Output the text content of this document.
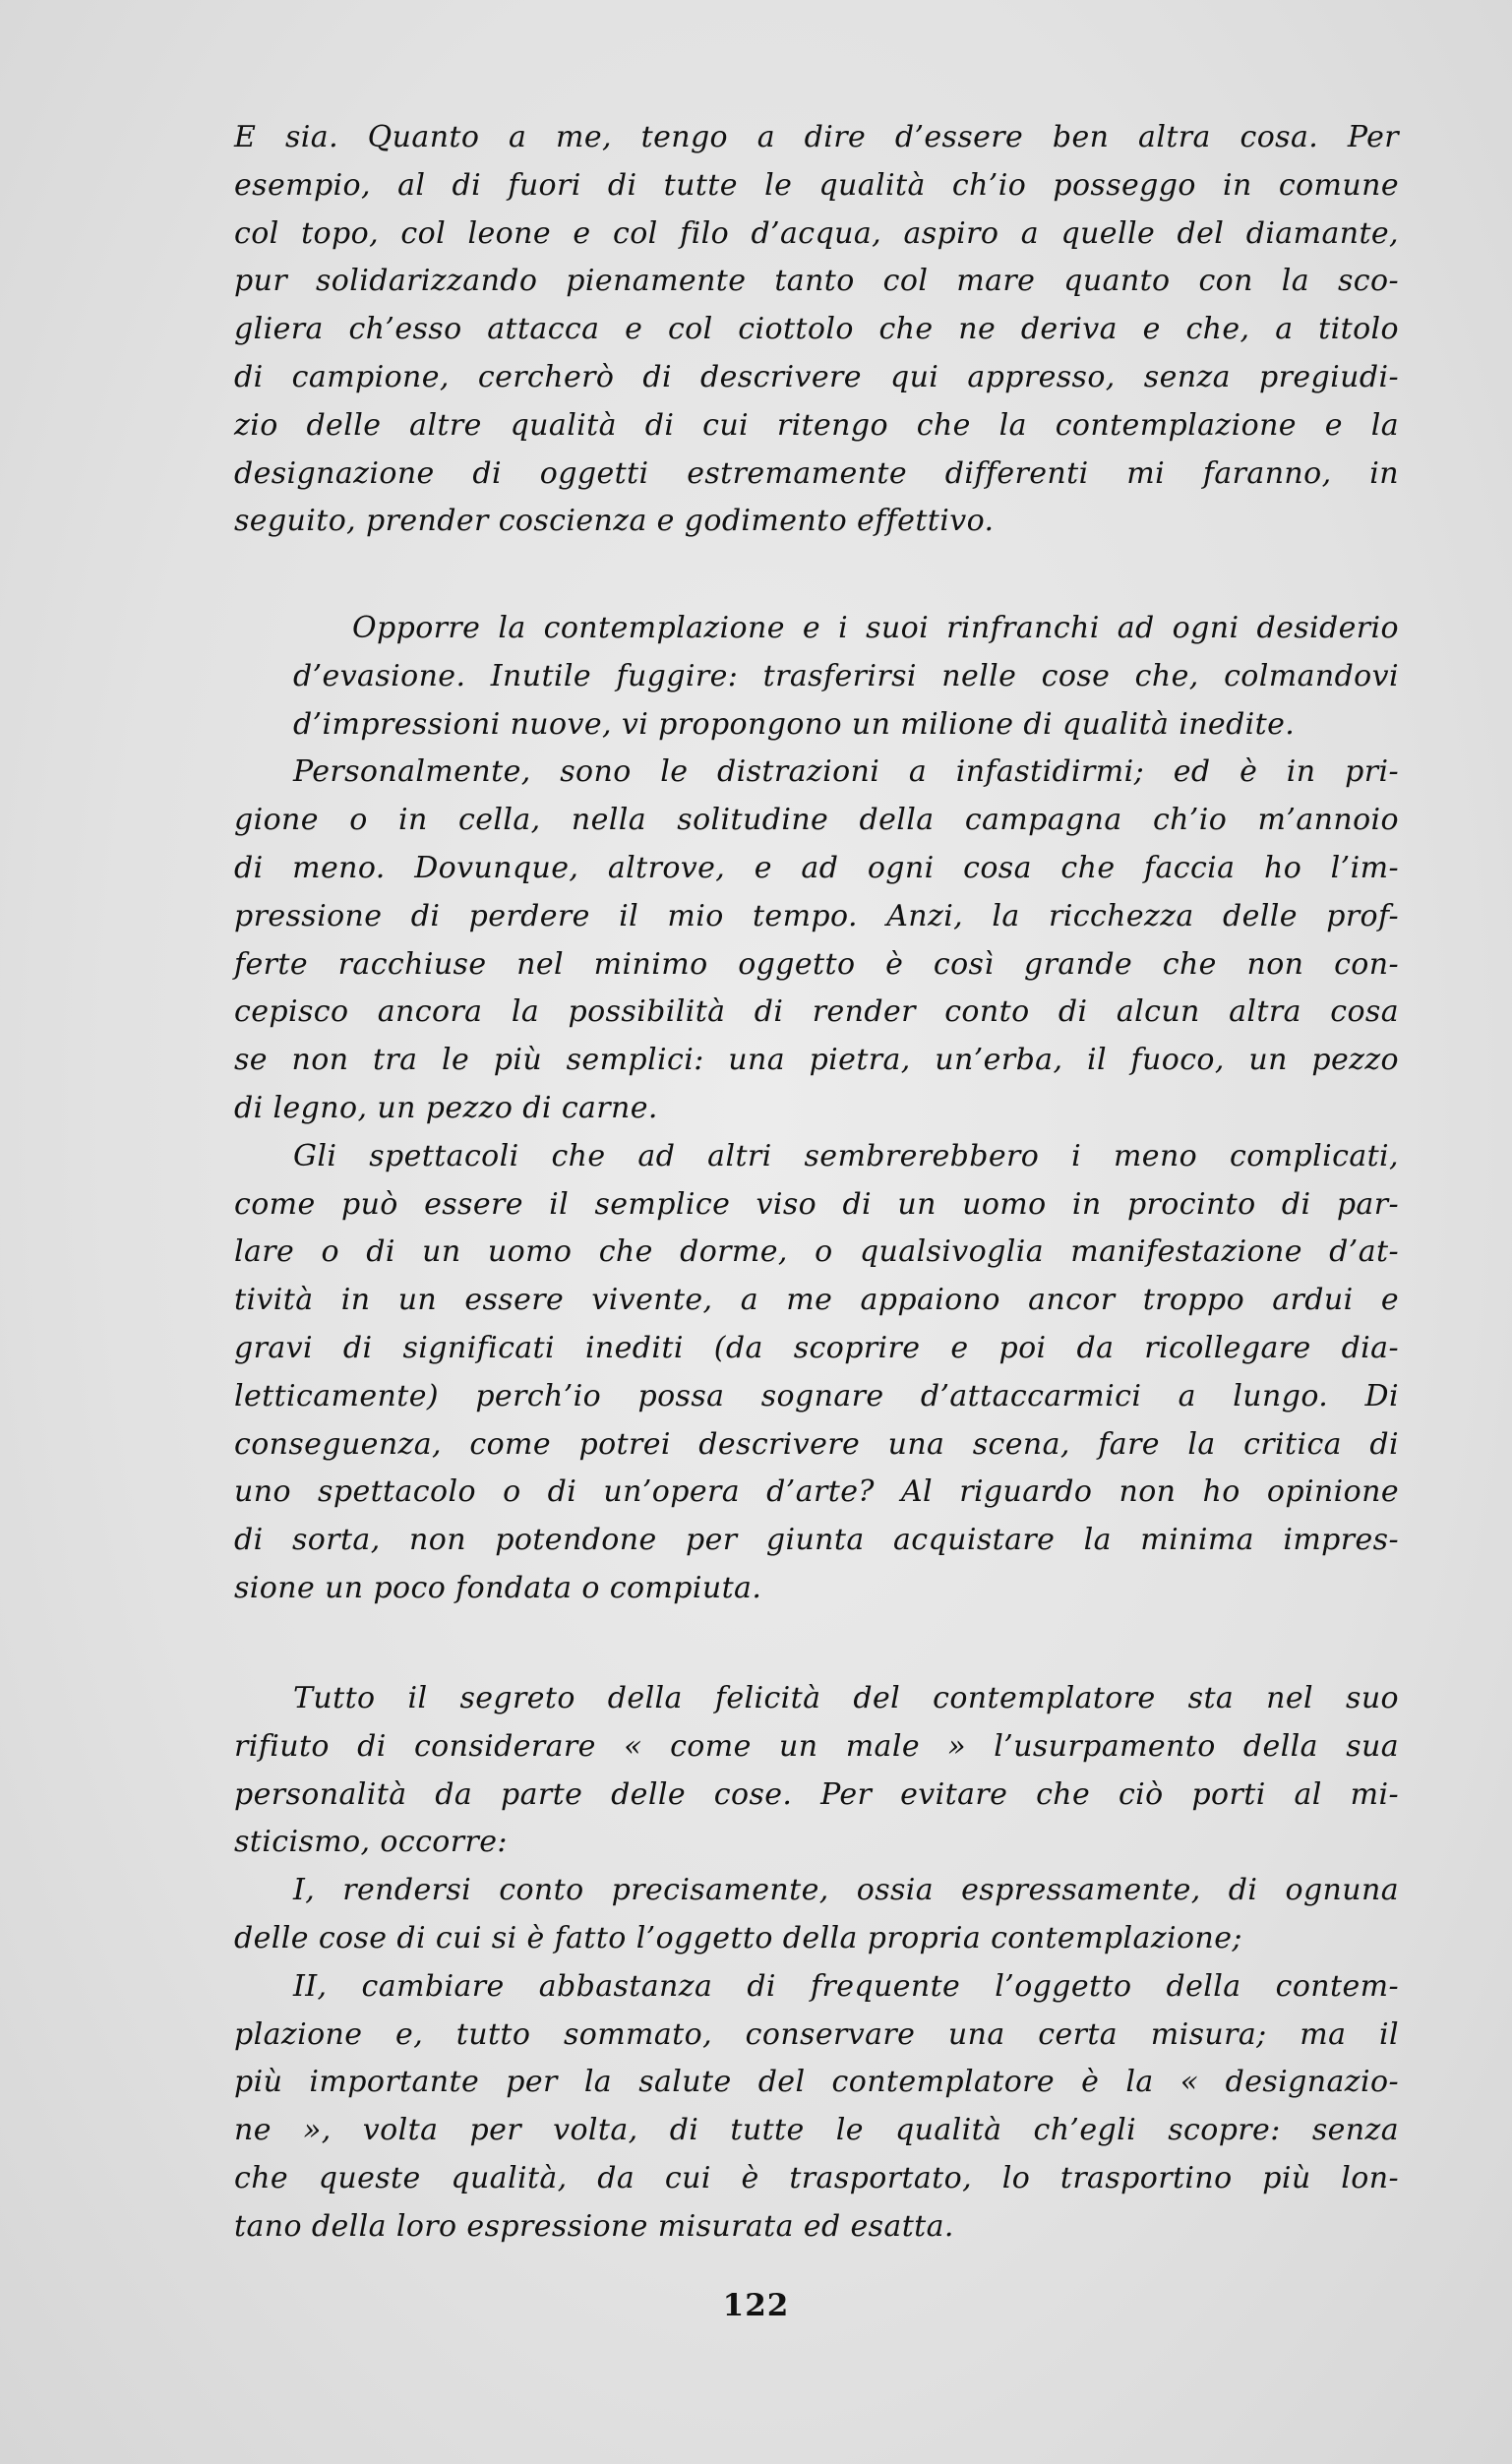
E sia. Quanto a me, tengo a dire d’essere ben altra cosa. Per
esempio, al di fuori di tutte le qualità ch’io posseggo in comune
col topo, col leone e col filo d’acqua, aspiro a quelle del diamante,
pur solidarizzando pienamente tanto col mare quanto con la sco-
gliera ch’esso attacca e col ciottolo che ne deriva e che, a titolo
di campione, cercherò di descrivere qui appresso, senza pregiudi-
zio delle altre qualità di cui ritengo che la contemplazione e la
designazione di oggetti estremamente differenti mi faranno, in
seguito, prender coscienza e godimento effettivo.

Opporre la contemplazione e i suoi rinfranchi ad ogni desiderio
d’evasione. Inutile fuggire: trasferirsi nelle cose che, colmandovi
d’impressioni nuove, vi propongono un milione di qualità inedite.

Personalmente, sono le distrazioni a infastidirmi; ed è in pri-
gione o in cella, nella solitudine della campagna ch’io m’annoio
di meno. Dovunque, altrove, e ad ogni cosa che faccia ho l’im-
pressione di perdere il mio tempo. Anzi, la ricchezza delle prof-
ferte racchiuse nel minimo oggetto è così grande che non con-
cepisco ancora la possibilità di render conto di alcun altra cosa
se non tra le più semplici: una pietra, un’erba, il fuoco, un pezzo
di legno, un pezzo di carne.

Gli spettacoli che ad altri sembrerebbero i meno complicati,
come può essere il semplice viso di un uomo in procinto di par-
lare o di un uomo che dorme, o qualsivoglia manifestazione d’at-
tività in un essere vivente, a me appaiono ancor troppo ardui e
gravi di significati inediti (da scoprire e poi da ricollegare dia-
letticamente) perch’io possa sognare d’attaccarmici a lungo. Di
conseguenza, come potrei descrivere una scena, fare la critica di
uno spettacolo o di un’opera d’arte? Al riguardo non ho opinione
di sorta, non potendone per giunta acquistare la minima impres-
sione un poco fondata o compiuta.

Tutto il segreto della felicità del contemplatore sta nel suo
rifiuto di considerare « come un male » l’usurpamento della sua
personalità da parte delle cose. Per evitare che ciò porti al mi-
sticismo, occorre:

I, rendersi conto precisamente, ossia espressamente, di ognuna
delle cose di cui si è fatto l’oggetto della propria contemplazione;

II, cambiare abbastanza di frequente l’oggetto della contem-
plazione e, tutto sommato, conservare una certa misura; ma il
più importante per la salute del contemplatore è la « designazio-
ne », volta per volta, di tutte le qualità ch’egli scopre: senza
che queste qualità, da cui è trasportato, lo trasportino più lon-
tano della loro espressione misurata ed esatta.

122
